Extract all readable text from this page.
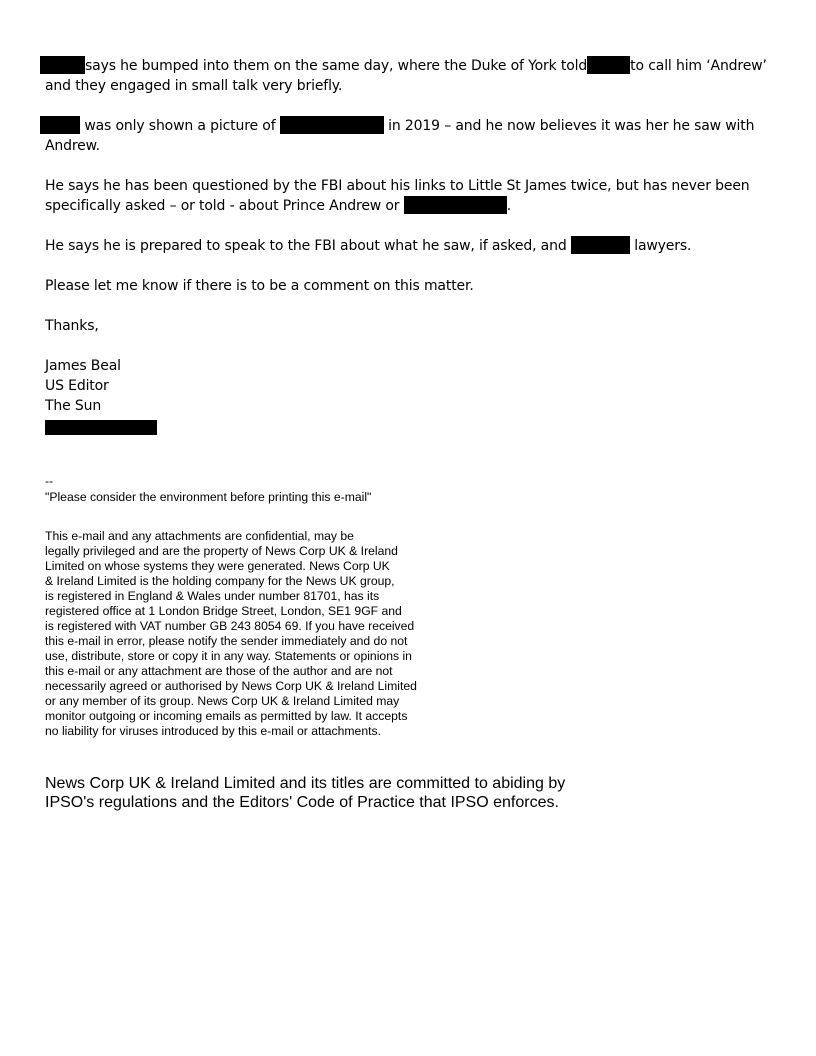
says he bumped into them on the same day, where the Duke of York told	to call him ‘Andrew’ and they engaged in small talk very briefly.

was only shown a picture of	in 2019 – and he now believes it was her he saw with Andrew.

He says he has been questioned by the FBI about his links to Little St James twice, but has never been specifically asked – or told - about Prince Andrew or	.

He says he is prepared to speak to the FBI about what he saw, if asked, and	lawyers.

Please let me know if there is to be a comment on this matter.

Thanks,

James Beal
US Editor
The Sun
--
"Please consider the environment before printing this e-mail"
This e-mail and any attachments are confidential, may be
legally privileged and are the property of News Corp UK & Ireland
Limited on whose systems they were generated. News Corp UK
& Ireland Limited is the holding company for the News UK group,
is registered in England & Wales under number 81701, has its
registered office at 1 London Bridge Street, London, SE1 9GF and
is registered with VAT number GB 243 8054 69. If you have received
this e-mail in error, please notify the sender immediately and do not
use, distribute, store or copy it in any way. Statements or opinions in
this e-mail or any attachment are those of the author and are not
necessarily agreed or authorised by News Corp UK & Ireland Limited
or any member of its group. News Corp UK & Ireland Limited may
monitor outgoing or incoming emails as permitted by law. It accepts
no liability for viruses introduced by this e-mail or attachments.
News Corp UK & Ireland Limited and its titles are committed to abiding by
IPSO's regulations and the Editors' Code of Practice that IPSO enforces.
